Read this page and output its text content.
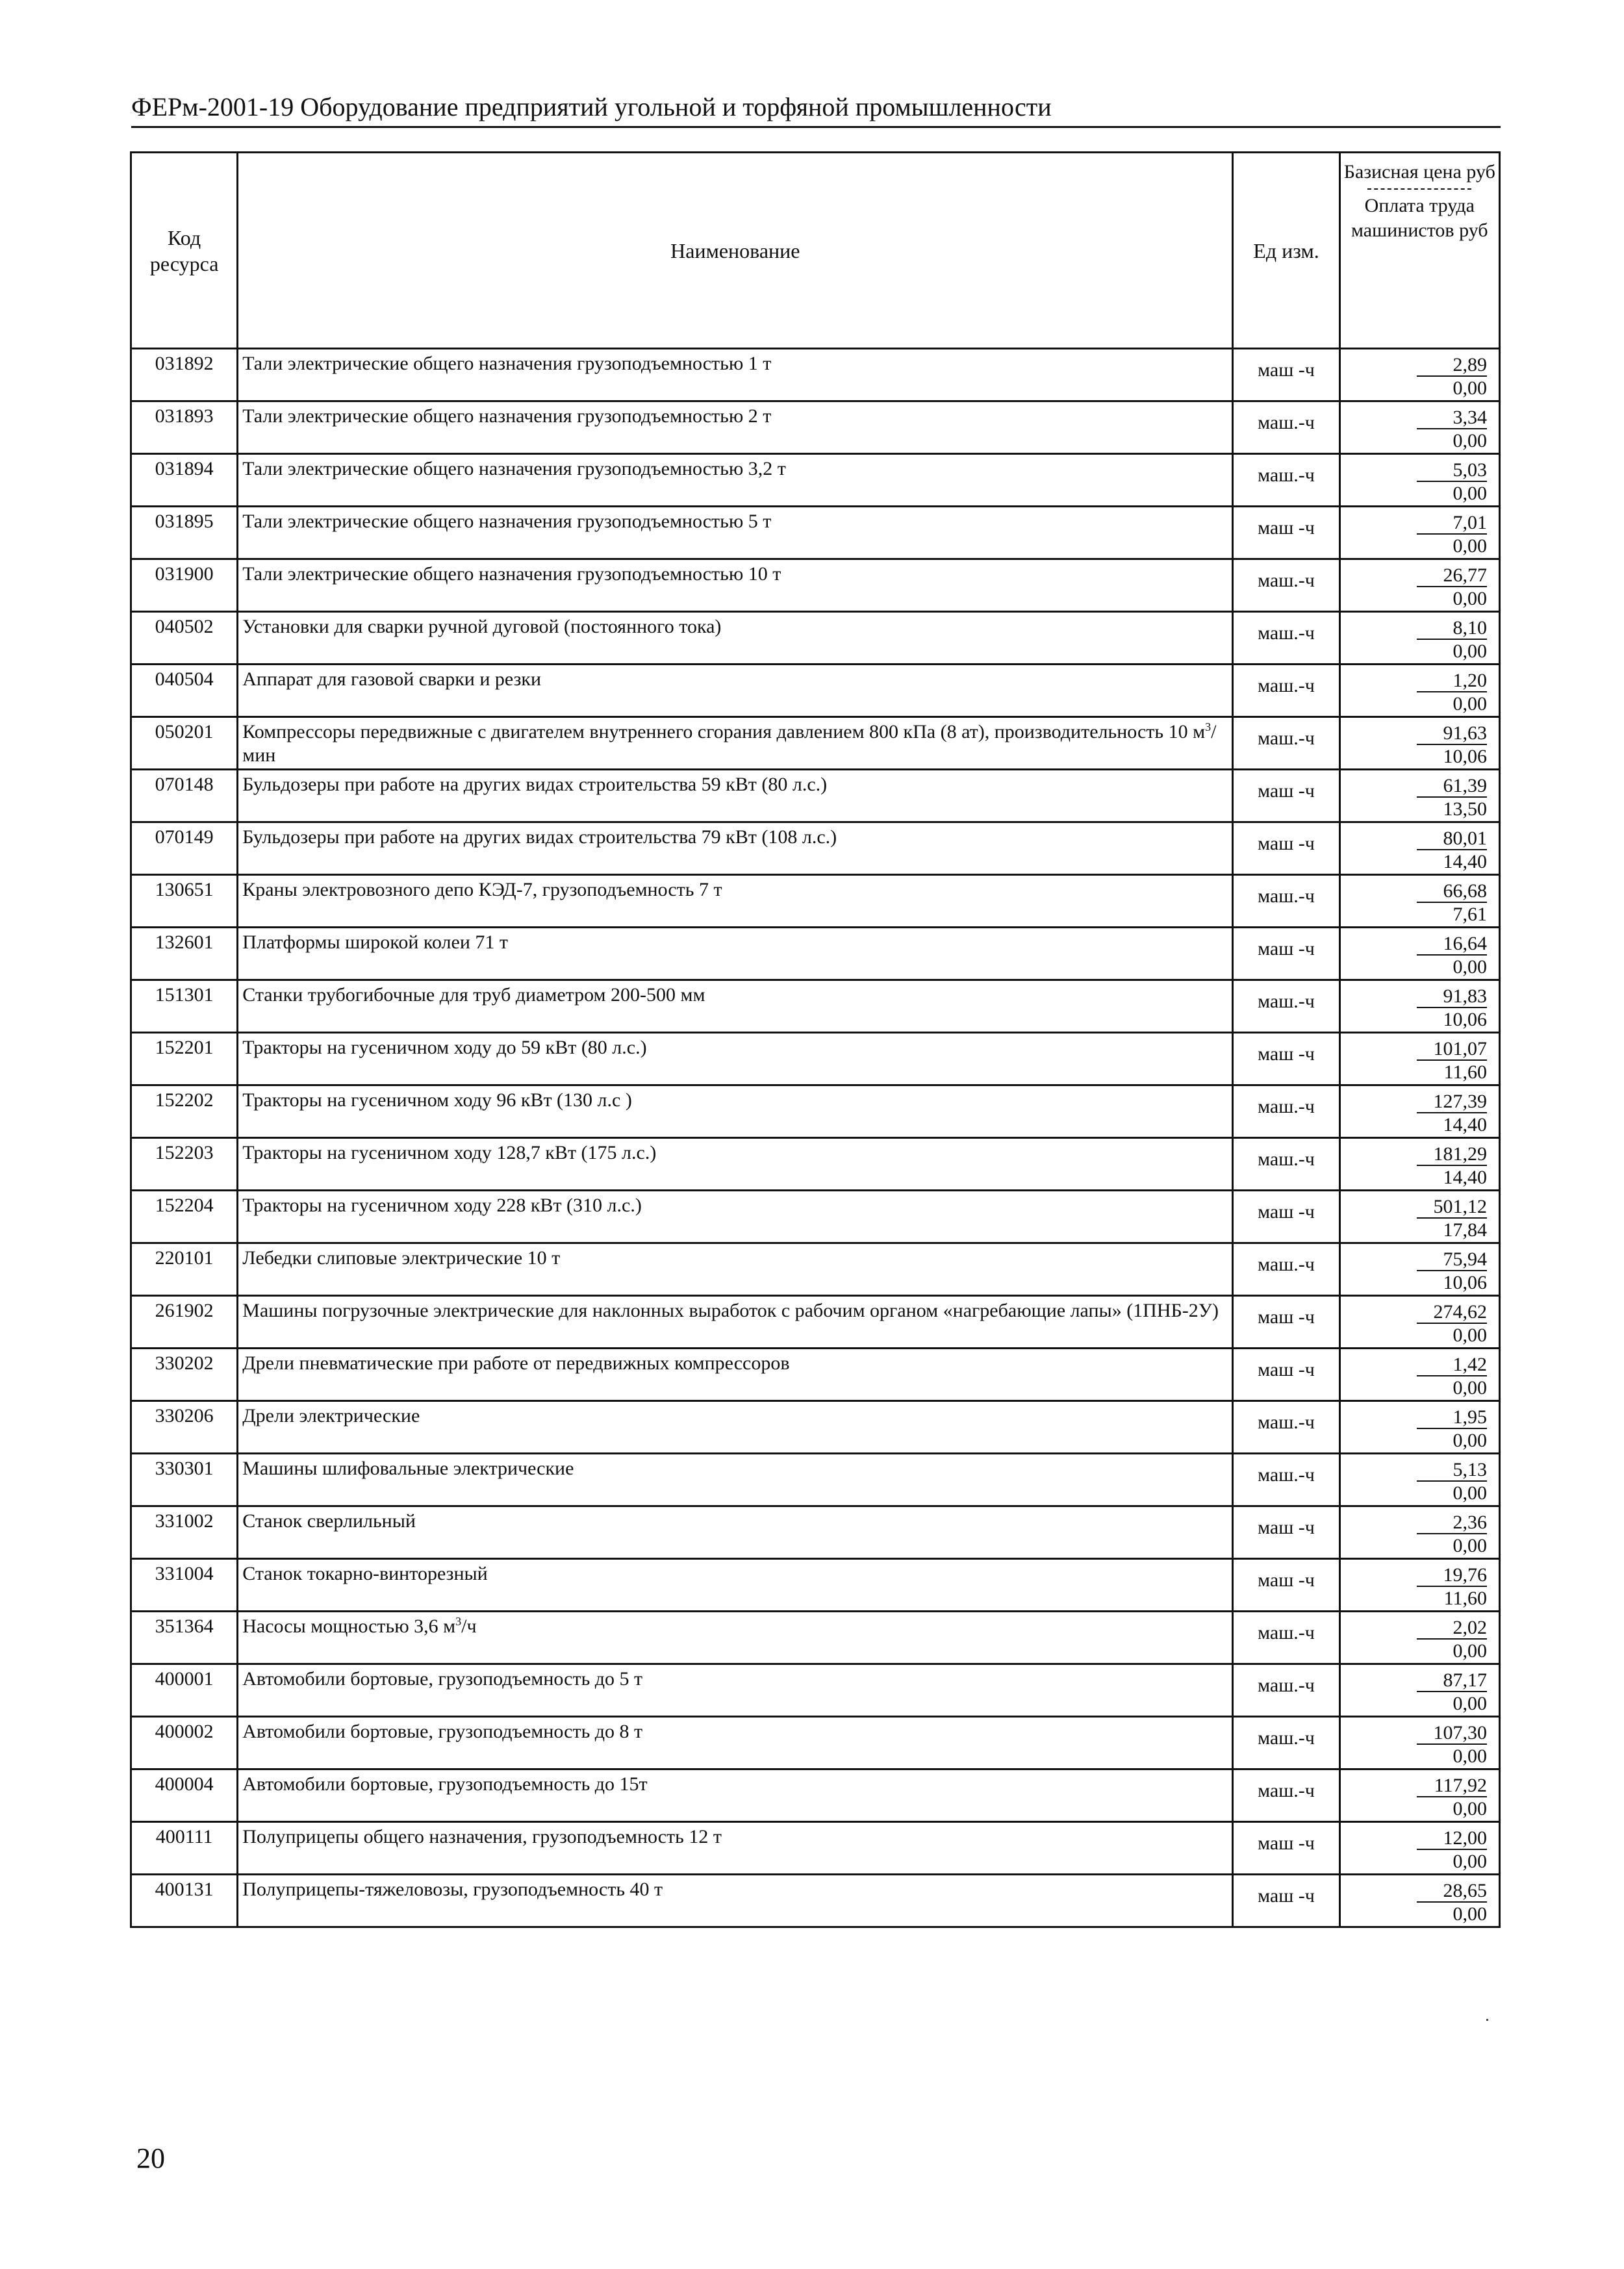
ФЕРм-2001-19 Оборудование предприятий угольной и торфяной промышленности
Код ресурса	Наименование	Ед изм.	Базисная цена руб
Оплата труда машинистов руб

031892	Тали электрические общего назначения грузоподъемностью 1 т	маш -ч	2,89
0,00

031893	Тали электрические общего назначения грузоподъемностью 2 т	маш.-ч	3,34
0,00

031894	Тали электрические общего назначения грузоподъемностью 3,2 т	маш.-ч	5,03
0,00

031895	Тали электрические общего назначения грузоподъемностью 5 т	маш -ч	7,01
0,00

031900	Тали электрические общего назначения грузоподъемностью 10 т	маш.-ч	26,77
0,00

040502	Установки для сварки ручной дуговой (постоянного тока)	маш.-ч	8,10
0,00

040504	Аппарат для газовой сварки и резки	маш.-ч	1,20
0,00

050201	Компрессоры передвижные с двигателем внутреннего сгорания давлением 800 кПа (8 ат), производительность 10 $м^3$/мин	маш.-ч	91,63
10,06

070148	Бульдозеры при работе на других видах строительства 59 кВт (80 л.с.)	маш -ч	61,39
13,50

070149	Бульдозеры при работе на других видах строительства 79 кВт (108 л.с.)	маш -ч	80,01
14,40

130651	Краны электровозного депо КЭД-7, грузоподъемность 7 т	маш.-ч	66,68
7,61

132601	Платформы широкой колеи 71 т	маш -ч	16,64
0,00

151301	Станки трубогибочные для труб диаметром 200-500 мм	маш.-ч	91,83
10,06

152201	Тракторы на гусеничном ходу до 59 кВт (80 л.с.)	маш -ч	101,07
11,60

152202	Тракторы на гусеничном ходу 96 кВт (130 л.с )	маш.-ч	127,39
14,40

152203	Тракторы на гусеничном ходу 128,7 кВт (175 л.с.)	маш.-ч	181,29
14,40

152204	Тракторы на гусеничном ходу 228 кВт (310 л.с.)	маш -ч	501,12
17,84

220101	Лебедки слиповые электрические 10 т	маш.-ч	75,94
10,06

261902	Машины погрузочные электрические для наклонных выработок с рабочим органом «нагребающие лапы» (1ПНБ-2У)	маш -ч	274,62
0,00

330202	Дрели пневматические при работе от передвижных компрессоров	маш -ч	1,42
0,00

330206	Дрели электрические	маш.-ч	1,95
0,00

330301	Машины шлифовальные электрические	маш.-ч	5,13
0,00

331002	Станок сверлильный	маш -ч	2,36
0,00

331004	Станок токарно-винторезный	маш -ч	19,76
11,60

351364	Насосы мощностью 3,6 $м^3/ч$	маш.-ч	2,02
0,00

400001	Автомобили бортовые, грузоподъемность до 5 т	маш.-ч	87,17
0,00

400002	Автомобили бортовые, грузоподъемность до 8 т	маш.-ч	107,30
0,00

400004	Автомобили бортовые, грузоподъемность до 15т	маш.-ч	117,92
0,00

400111	Полуприцепы общего назначения, грузоподъемность 12 т	маш -ч	12,00
0,00

400131	Полуприцепы-тяжеловозы, грузоподъемность 40 т	маш -ч	28,65
0,00
20
